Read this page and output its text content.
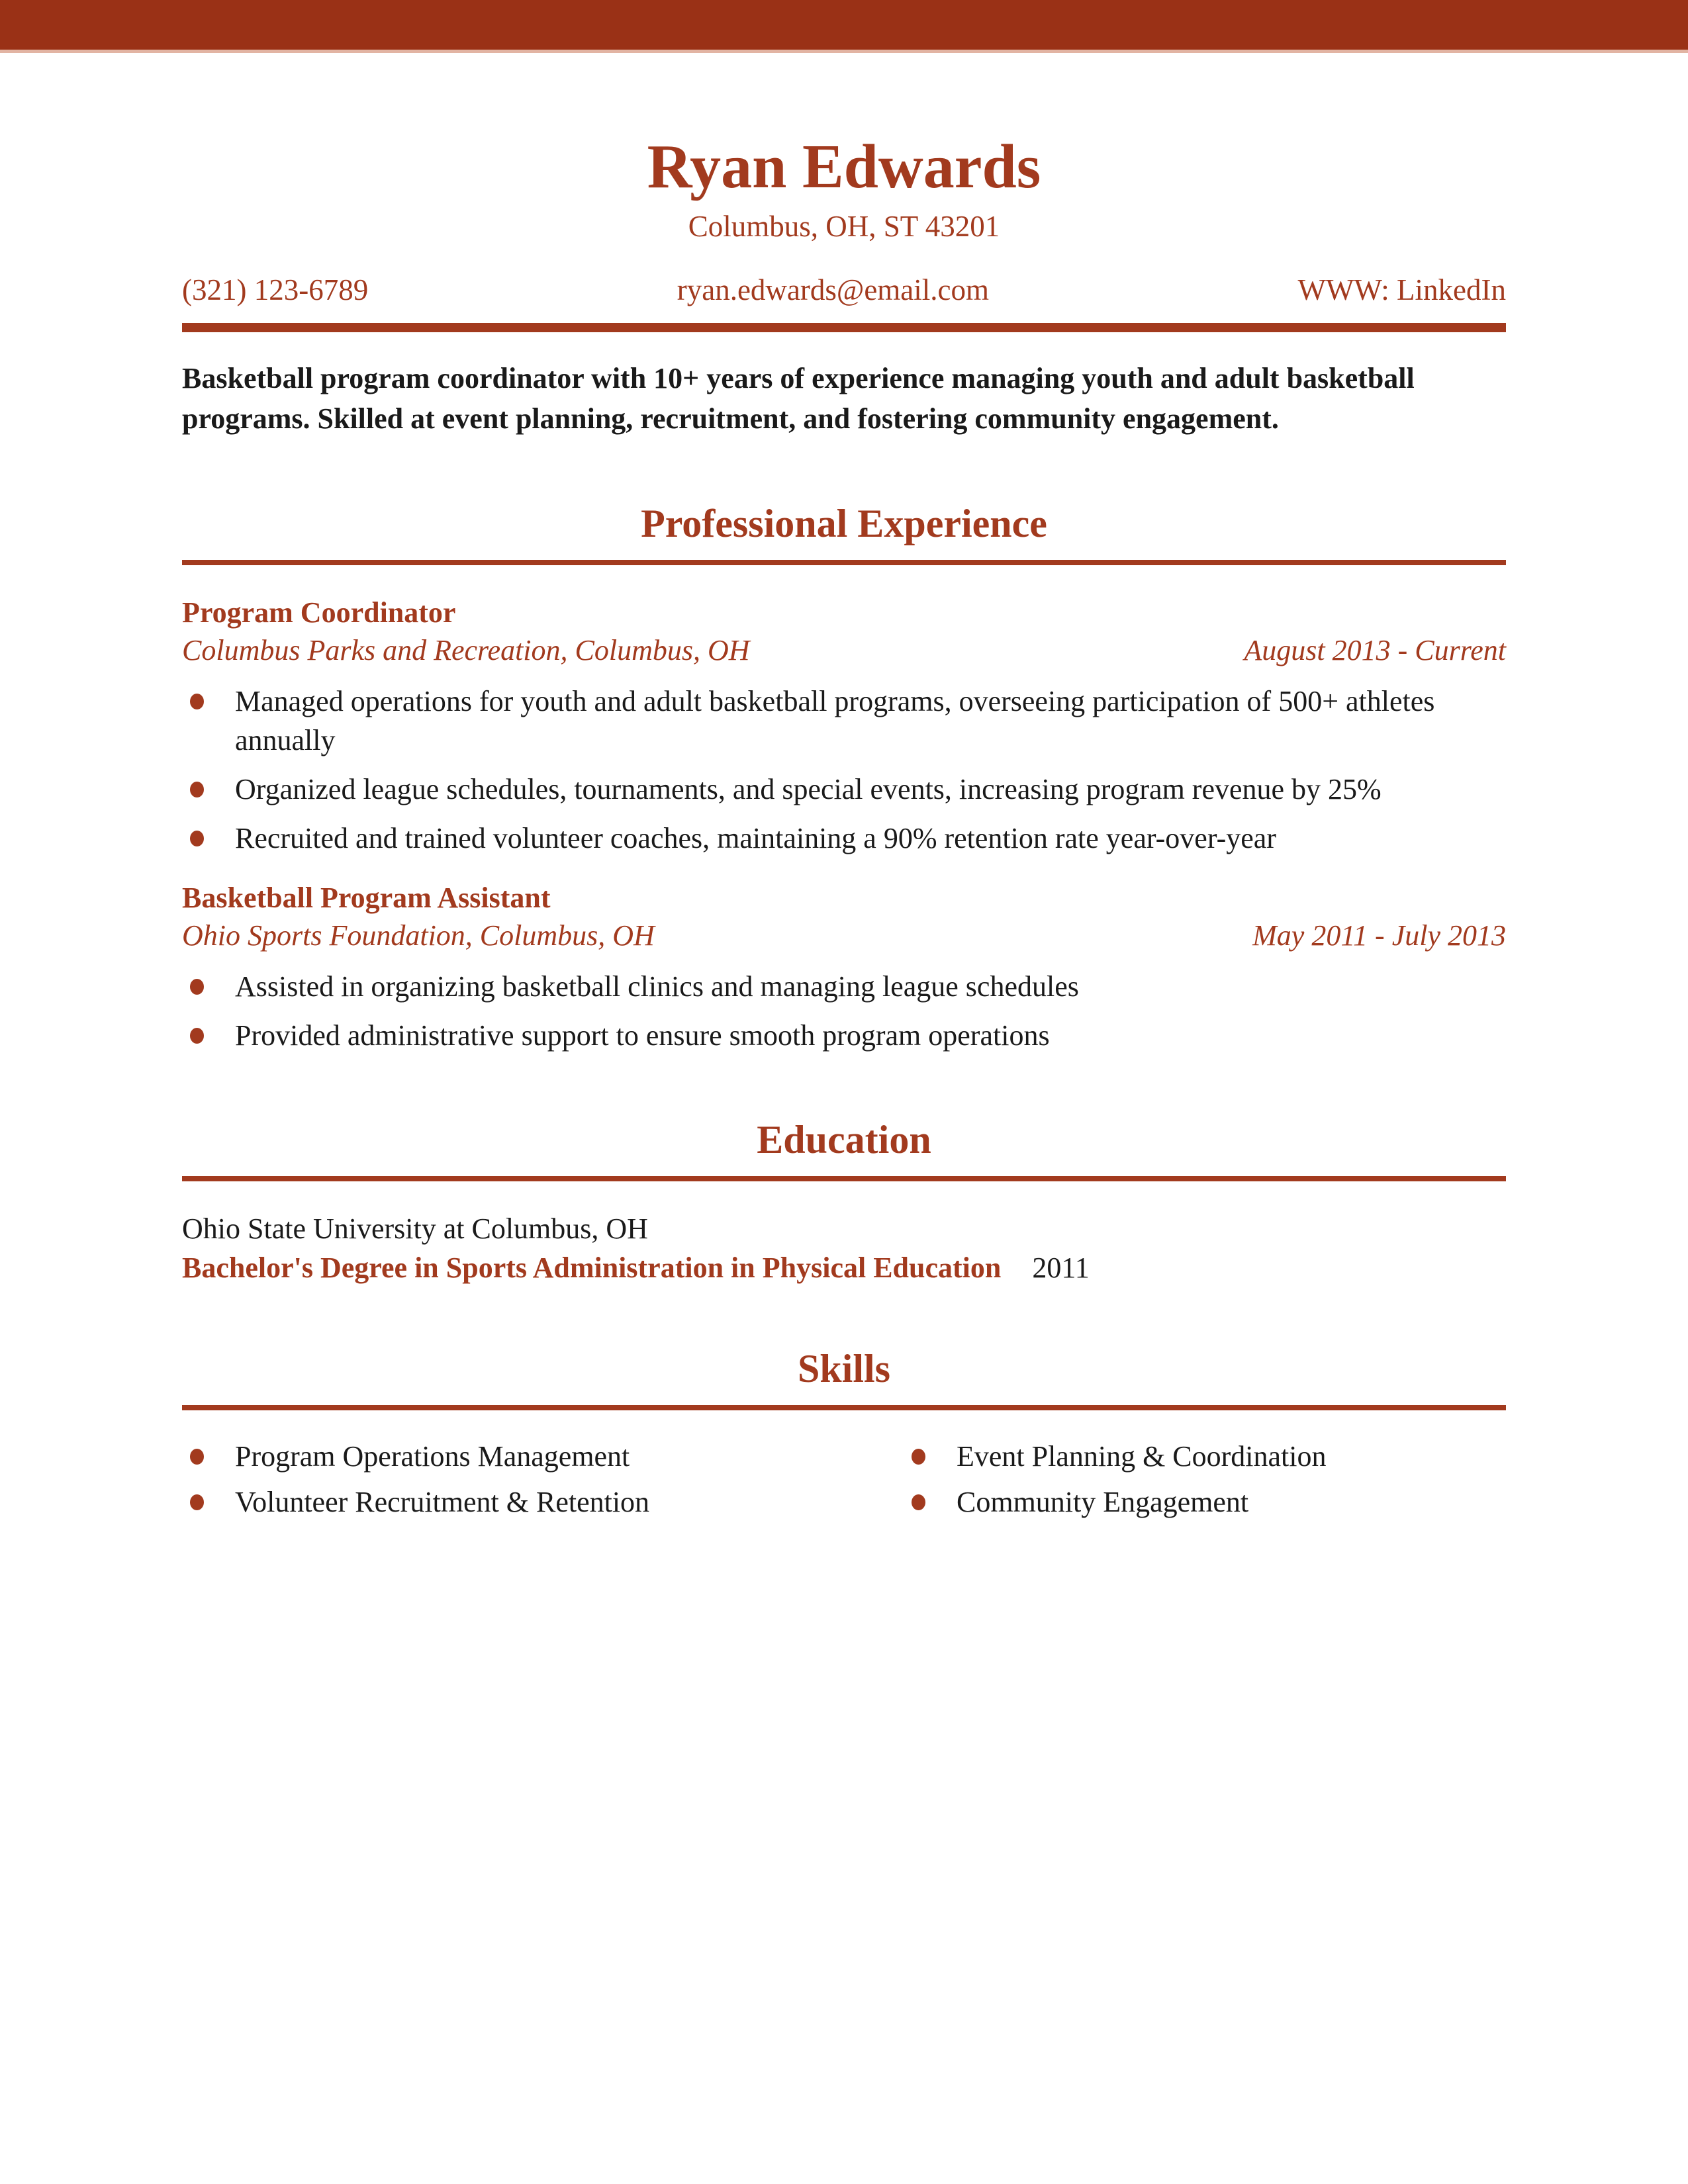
Ryan Edwards
Columbus, OH, ST 43201
(321) 123-6789	ryan.edwards@email.com	WWW: LinkedIn

Basketball program coordinator with 10+ years of experience managing youth and adult basketball programs. Skilled at event planning, recruitment, and fostering community engagement.

Professional Experience
Program Coordinator
Columbus Parks and Recreation, Columbus, OH	August 2013 - Current
Managed operations for youth and adult basketball programs, overseeing participation of 500+ athletes annually
Organized league schedules, tournaments, and special events, increasing program revenue by 25%
Recruited and trained volunteer coaches, maintaining a 90% retention rate year-over-year
Basketball Program Assistant
Ohio Sports Foundation, Columbus, OH	May 2011 - July 2013
Assisted in organizing basketball clinics and managing league schedules
Provided administrative support to ensure smooth program operations
Education
Ohio State University at Columbus, OH
Bachelor's Degree in Sports Administration in Physical Education 2011
Skills
Program Operations Management
Volunteer Recruitment & Retention
Event Planning & Coordination
Community Engagement
